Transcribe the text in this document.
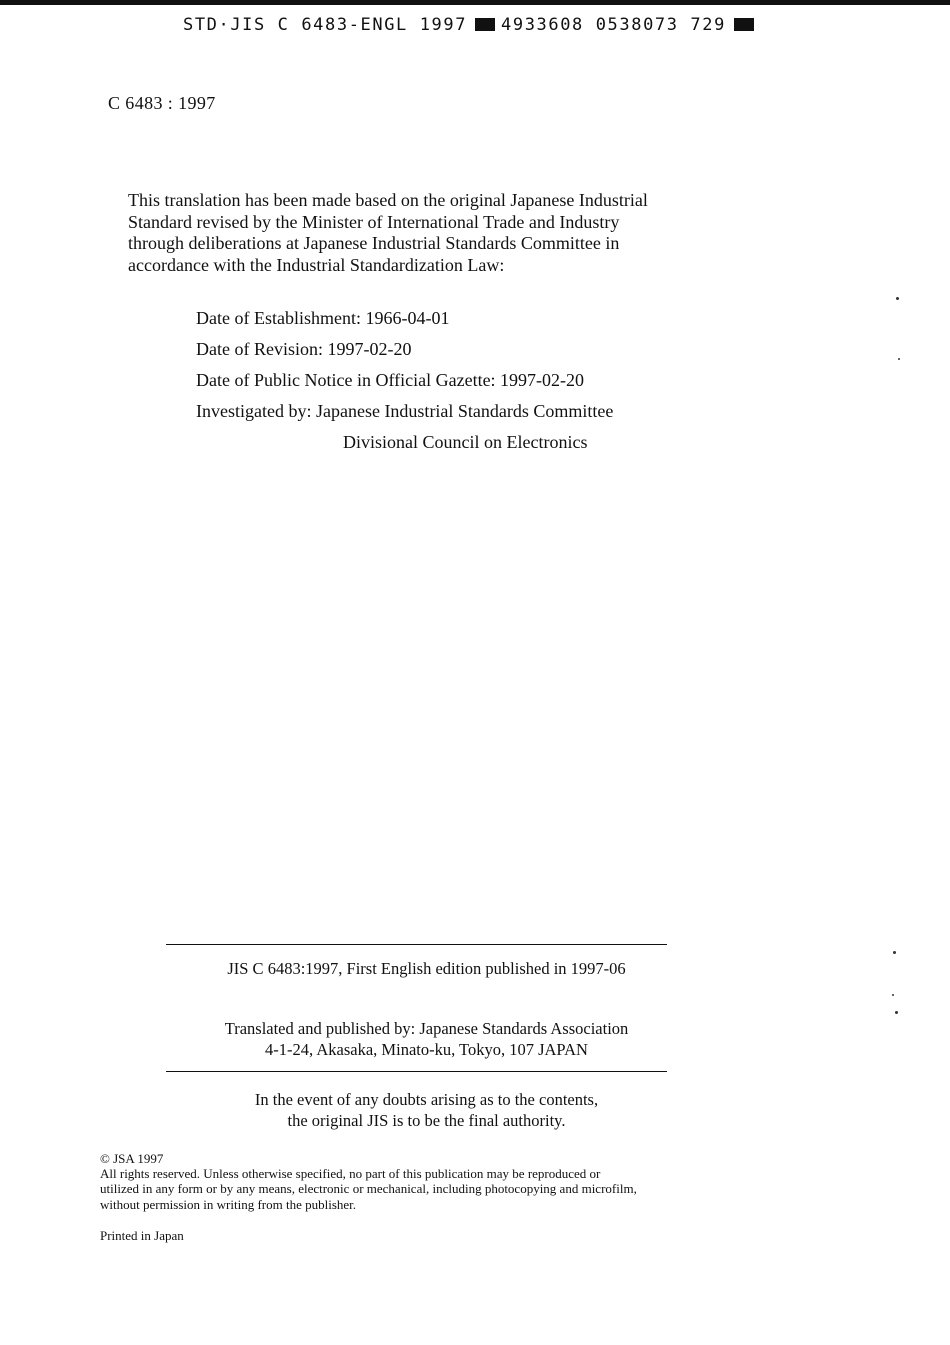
STD·JIS C 6483-ENGL 1997 4933608 0538073 729
C 6483 : 1997
This translation has been made based on the original Japanese Industrial
Standard revised by the Minister of International Trade and Industry
through deliberations at Japanese Industrial Standards Committee in
accordance with the Industrial Standardization Law:
Date of Establishment: 1966-04-01
Date of Revision: 1997-02-20
Date of Public Notice in Official Gazette: 1997-02-20
Investigated by: Japanese Industrial Standards Committee
Divisional Council on Electronics
JIS C 6483:1997, First English edition published in 1997-06
Translated and published by: Japanese Standards Association
4-1-24, Akasaka, Minato-ku, Tokyo, 107 JAPAN
In the event of any doubts arising as to the contents,
the original JIS is to be the final authority.
© JSA 1997
All rights reserved. Unless otherwise specified, no part of this publication may be reproduced or
utilized in any form or by any means, electronic or mechanical, including photocopying and microfilm,
without permission in writing from the publisher.
Printed in Japan
